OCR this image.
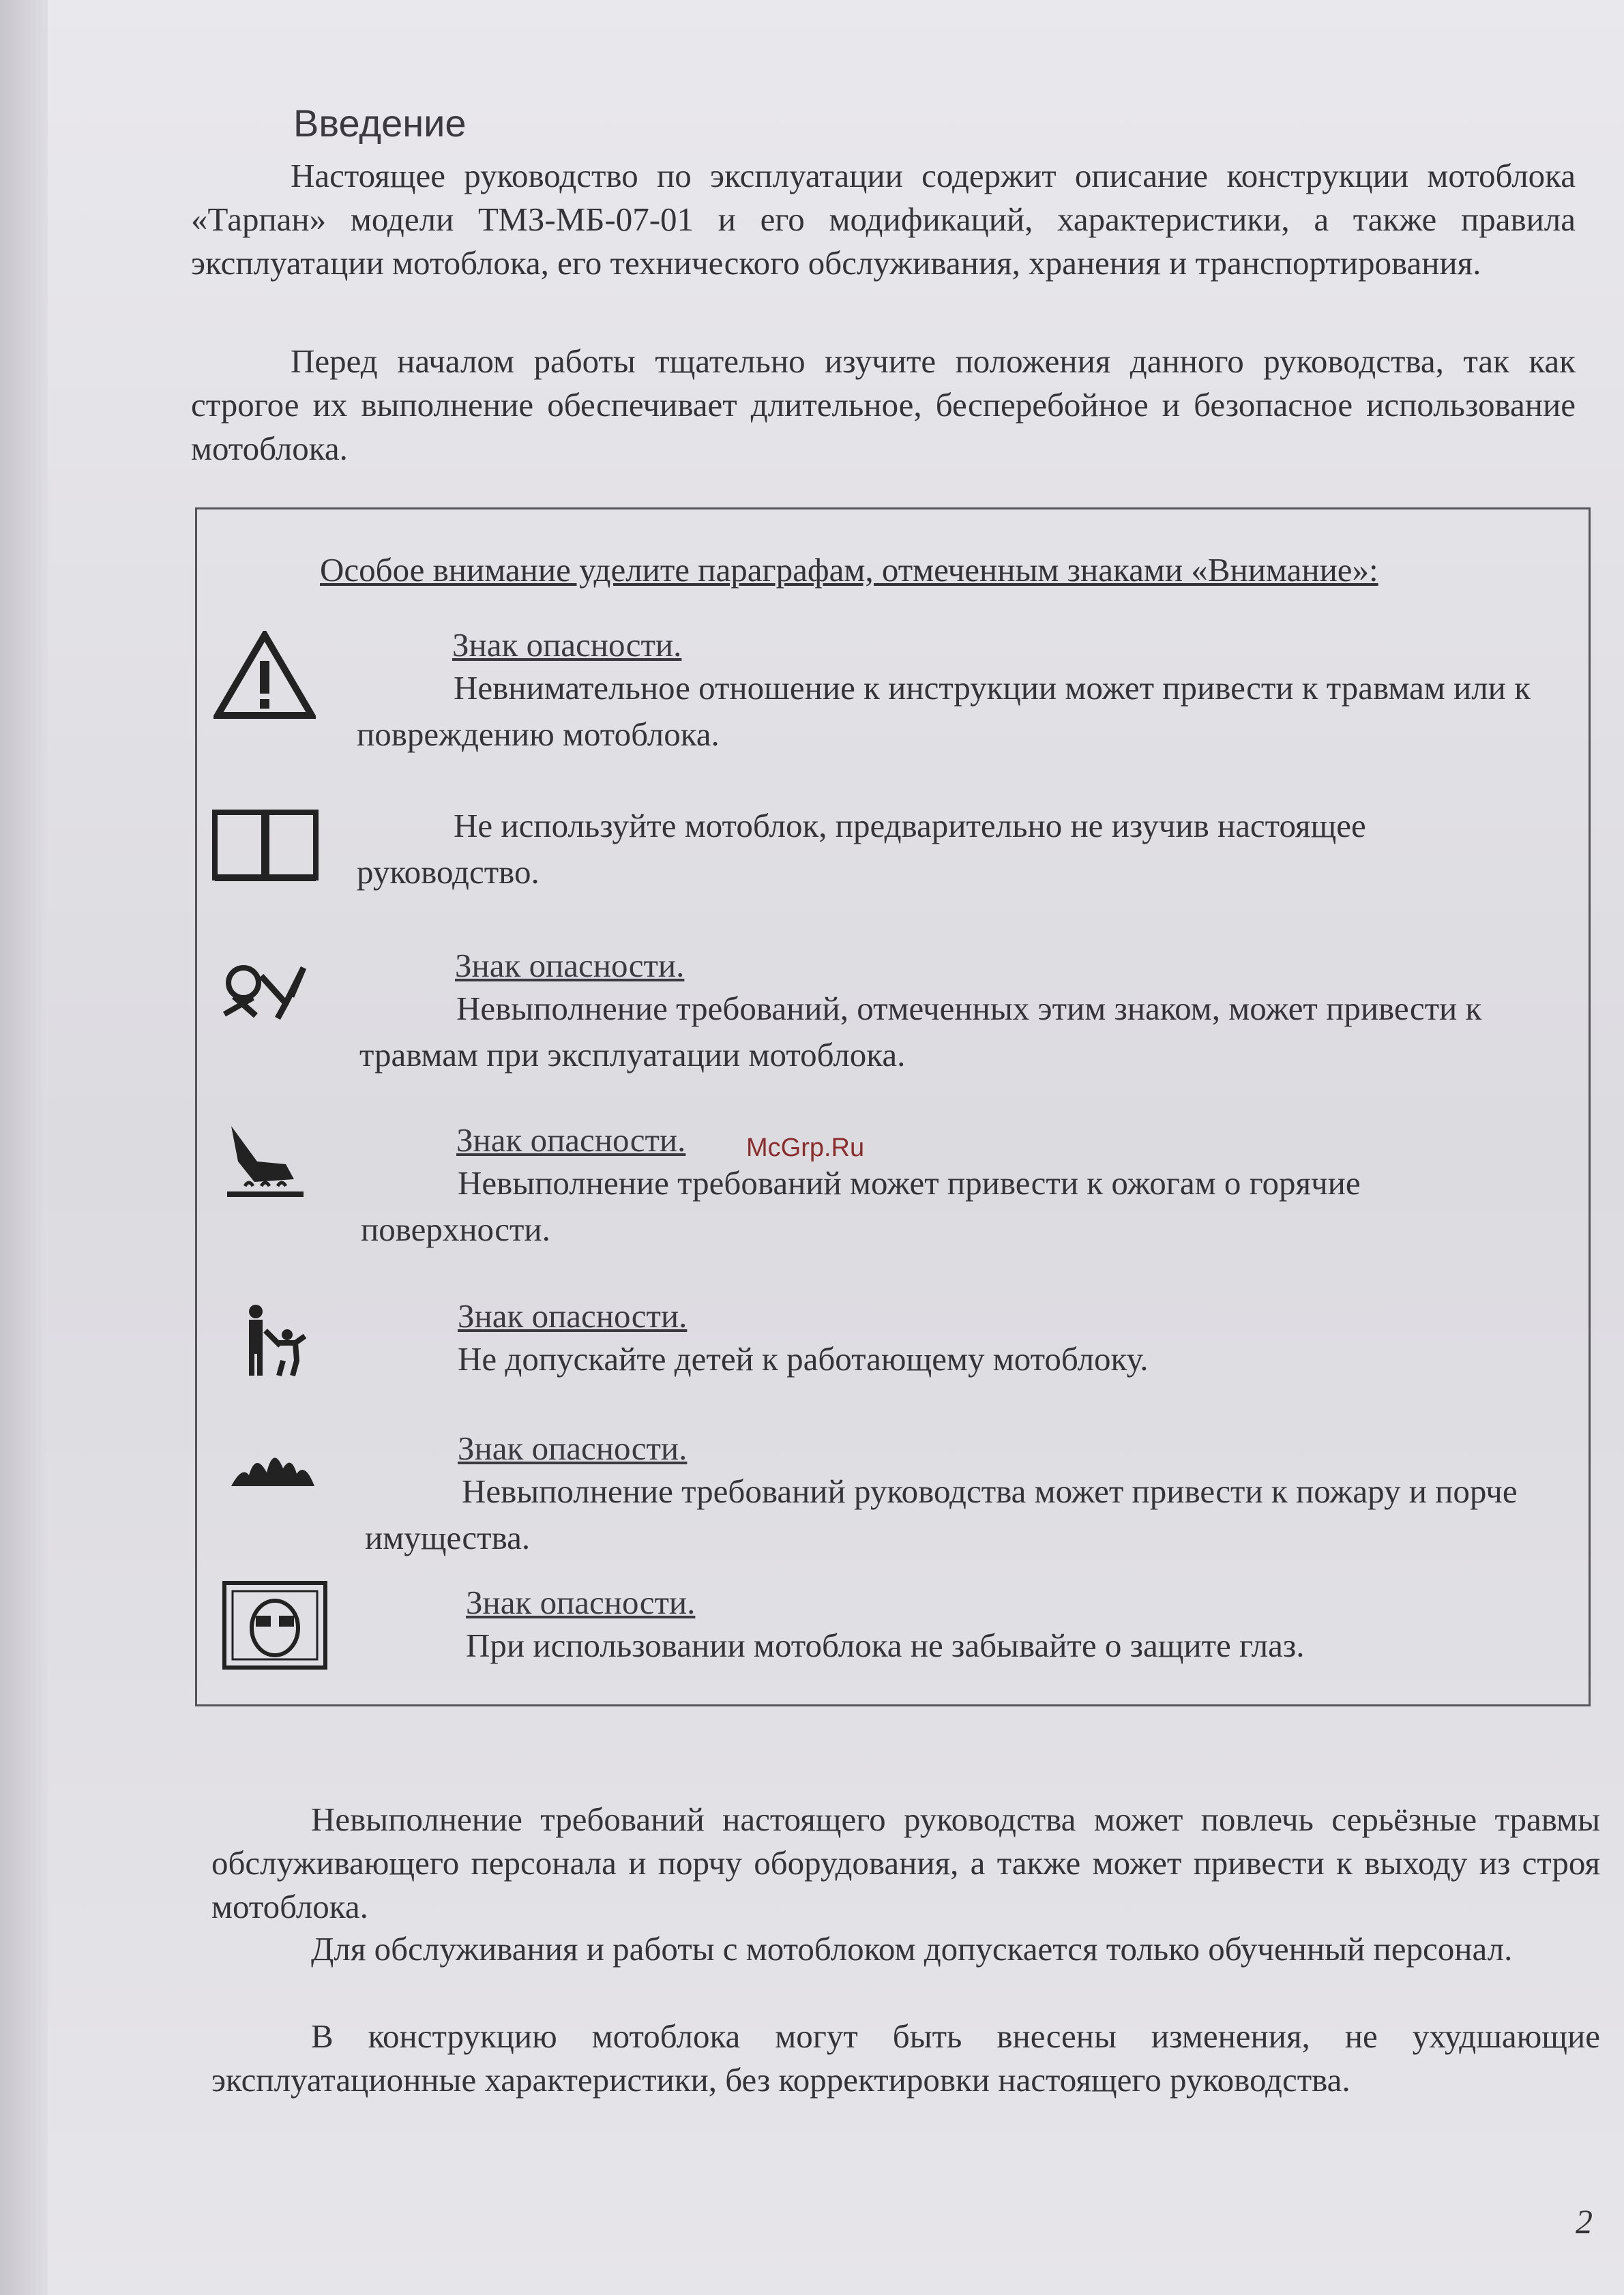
Введение

Настоящее руководство по эксплуатации содержит описание конструкции мотоблока «Тарпан» модели ТМЗ-МБ-07-01 и его модификаций, характеристики, а также правила эксплуатации мотоблока, его технического обслуживания, хранения и транспортирования.

Перед началом работы тщательно изучите положения данного руководства, так как строгое их выполнение обеспечивает длительное, бесперебойное и безопасное использование мотоблока.

Особое внимание уделите параграфам, отмеченным знаками «Внимание»:

Знак опасности.

Невнимательное отношение к инструкции может привести к травмам или к повреждению мотоблока.

Не используйте мотоблок, предварительно не изучив настоящее руководство.

Знак опасности.

Невыполнение требований, отмеченных этим знаком, может привести к травмам при эксплуатации мотоблока.

Знак опасности.

Невыполнение требований может привести к ожогам о горячие поверхности.

Знак опасности.

Не допускайте детей к работающему мотоблоку.

Знак опасности.

Невыполнение требований руководства может привести к пожару и порче имущества.

Знак опасности.

При использовании мотоблока не забывайте о защите глаз.

Невыполнение требований настоящего руководства может повлечь серьёзные травмы обслуживающего персонала и порчу оборудования, а также может привести к выходу из строя мотоблока.

Для обслуживания и работы с мотоблоком допускается только обученный персонал.

В конструкцию мотоблока могут быть внесены изменения, не ухудшающие эксплуатационные характеристики, без корректировки настоящего руководства.

McGrp.Ru
2
